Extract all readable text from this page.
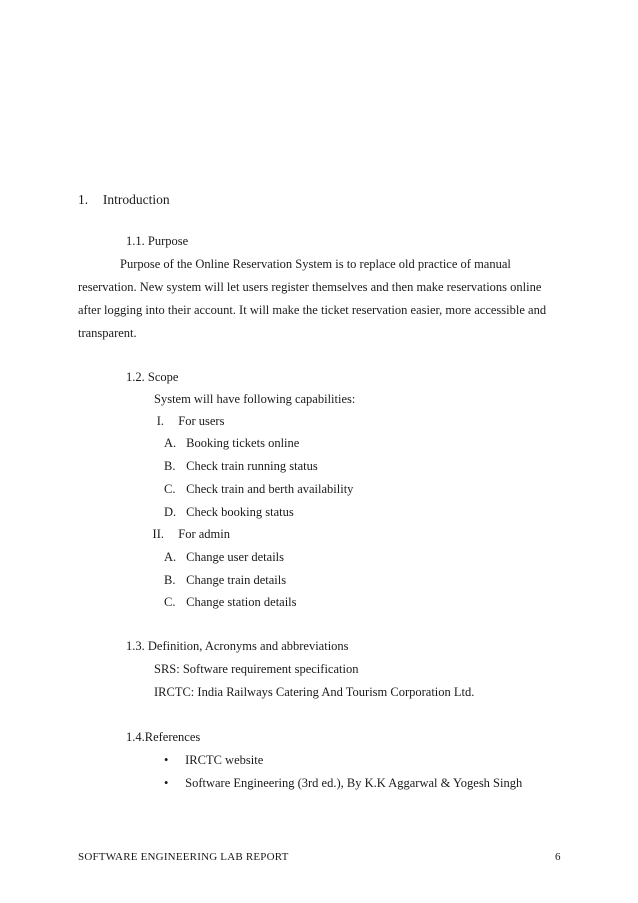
1. Introduction
1.1. Purpose
Purpose of the Online Reservation System is to replace old practice of manual
reservation. New system will let users register themselves and then make reservations online
after logging into their account. It will make the ticket reservation easier, more accessible and
transparent.
1.2. Scope
System will have following capabilities:
I. For users
A. Booking tickets online
B. Check train running status
C. Check train and berth availability
D. Check booking status
II. For admin
A. Change user details
B. Change train details
C. Change station details
1.3. Definition, Acronyms and abbreviations
SRS: Software requirement specification
IRCTC: India Railways Catering And Tourism Corporation Ltd.
1.4.References
• IRCTC website
• Software Engineering (3rd ed.), By K.K Aggarwal & Yogesh Singh
SOFTWARE ENGINEERING LAB REPORT	6
